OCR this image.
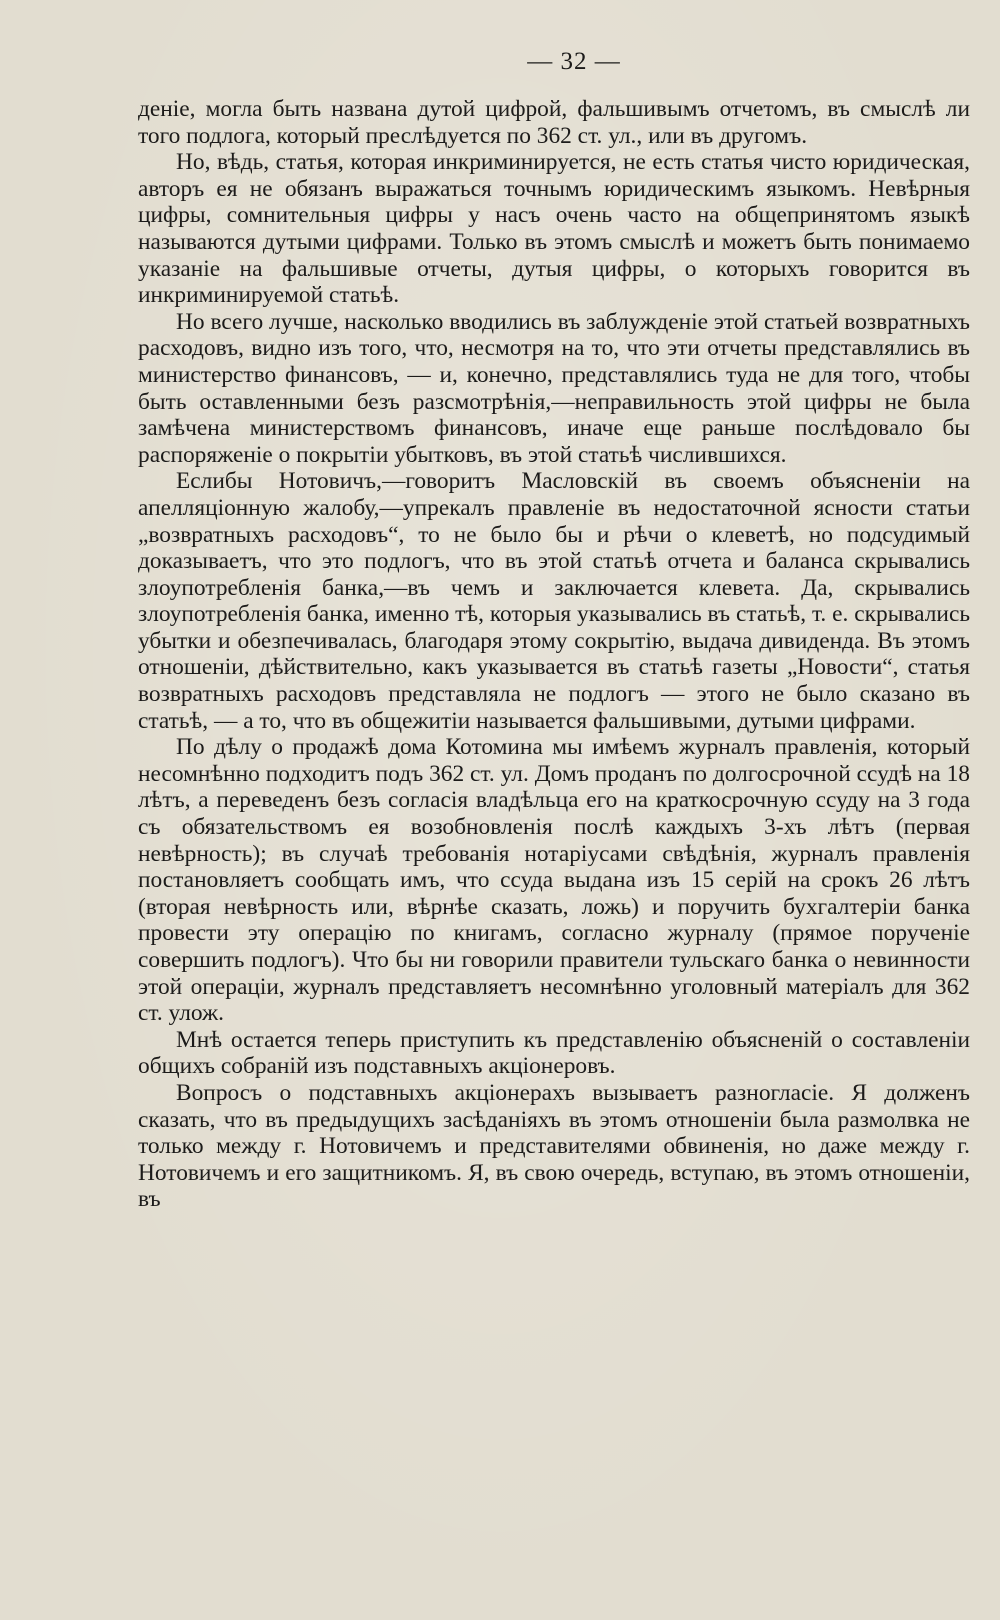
— 32 —

деніе, могла быть названа дутой цифрой, фальшивымъ отчетомъ, въ смыслѣ ли того подлога, который преслѣдуется по 362 ст. ул., или въ другомъ.

Но, вѣдь, статья, которая инкриминируется, не есть статья чисто юридическая, авторъ ея не обязанъ выражаться точнымъ юридическимъ языкомъ. Невѣрныя цифры, сомнительныя цифры у насъ очень часто на общепринятомъ языкѣ называются дутыми цифрами. Только въ этомъ смыслѣ и можетъ быть понимаемо указаніе на фальшивые отчеты, дутыя цифры, о которыхъ говорится въ инкриминируемой статьѣ.

Но всего лучше, насколько вводились въ заблужденіе этой статьей возвратныхъ расходовъ, видно изъ того, что, несмотря на то, что эти отчеты представлялись въ министерство финансовъ, — и, конечно, представлялись туда не для того, чтобы быть оставленными безъ разсмотрѣнія,—неправильность этой цифры не была замѣчена министерствомъ финансовъ, иначе еще раньше послѣдовало бы распоряженіе о покрытіи убытковъ, въ этой статьѣ числившихся.

Еслибы Нотовичъ,—говоритъ Масловскій въ своемъ объясненіи на апелляціонную жалобу,—упрекалъ правленіе въ недостаточной ясности статьи „возвратныхъ расходовъ“, то не было бы и рѣчи о клеветѣ, но подсудимый доказываетъ, что это подлогъ, что въ этой статьѣ отчета и баланса скрывались злоупотребленія банка,—въ чемъ и заключается клевета. Да, скрывались злоупотребленія банка, именно тѣ, которыя указывались въ статьѣ, т. е. скрывались убытки и обезпечивалась, благодаря этому сокрытію, выдача дивиденда. Въ этомъ отношеніи, дѣйствительно, какъ указывается въ статьѣ газеты „Новости“, статья возвратныхъ расходовъ представляла не подлогъ — этого не было сказано въ статьѣ, — а то, что въ общежитіи называется фальшивыми, дутыми цифрами.

По дѣлу о продажѣ дома Котомина мы имѣемъ журналъ правленія, который несомнѣнно подходитъ подъ 362 ст. ул. Домъ проданъ по долгосрочной ссудѣ на 18 лѣтъ, а переведенъ безъ согласія владѣльца его на краткосрочную ссуду на 3 года съ обязательствомъ ея возобновленія послѣ каждыхъ 3-хъ лѣтъ (первая невѣрность); въ случаѣ требованія нотаріусами свѣдѣнія, журналъ правленія постановляетъ сообщать имъ, что ссуда выдана изъ 15 серій на срокъ 26 лѣтъ (вторая невѣрность или, вѣрнѣе сказать, ложь) и поручить бухгалтеріи банка провести эту операцію по книгамъ, согласно журналу (прямое порученіе совершить подлогъ). Что бы ни говорили правители тульскаго банка о невинности этой операціи, журналъ представляетъ несомнѣнно уголовный матеріалъ для 362 ст. улож.

Мнѣ остается теперь приступить къ представленію объясненій о составленіи общихъ собраній изъ подставныхъ акціонеровъ.

Вопросъ о подставныхъ акціонерахъ вызываетъ разногласіе. Я долженъ сказать, что въ предыдущихъ засѣданіяхъ въ этомъ отношеніи была размолвка не только между г. Нотовичемъ и представителями обвиненія, но даже между г. Нотовичемъ и его защитникомъ. Я, въ свою очередь, вступаю, въ этомъ отношеніи, въ
